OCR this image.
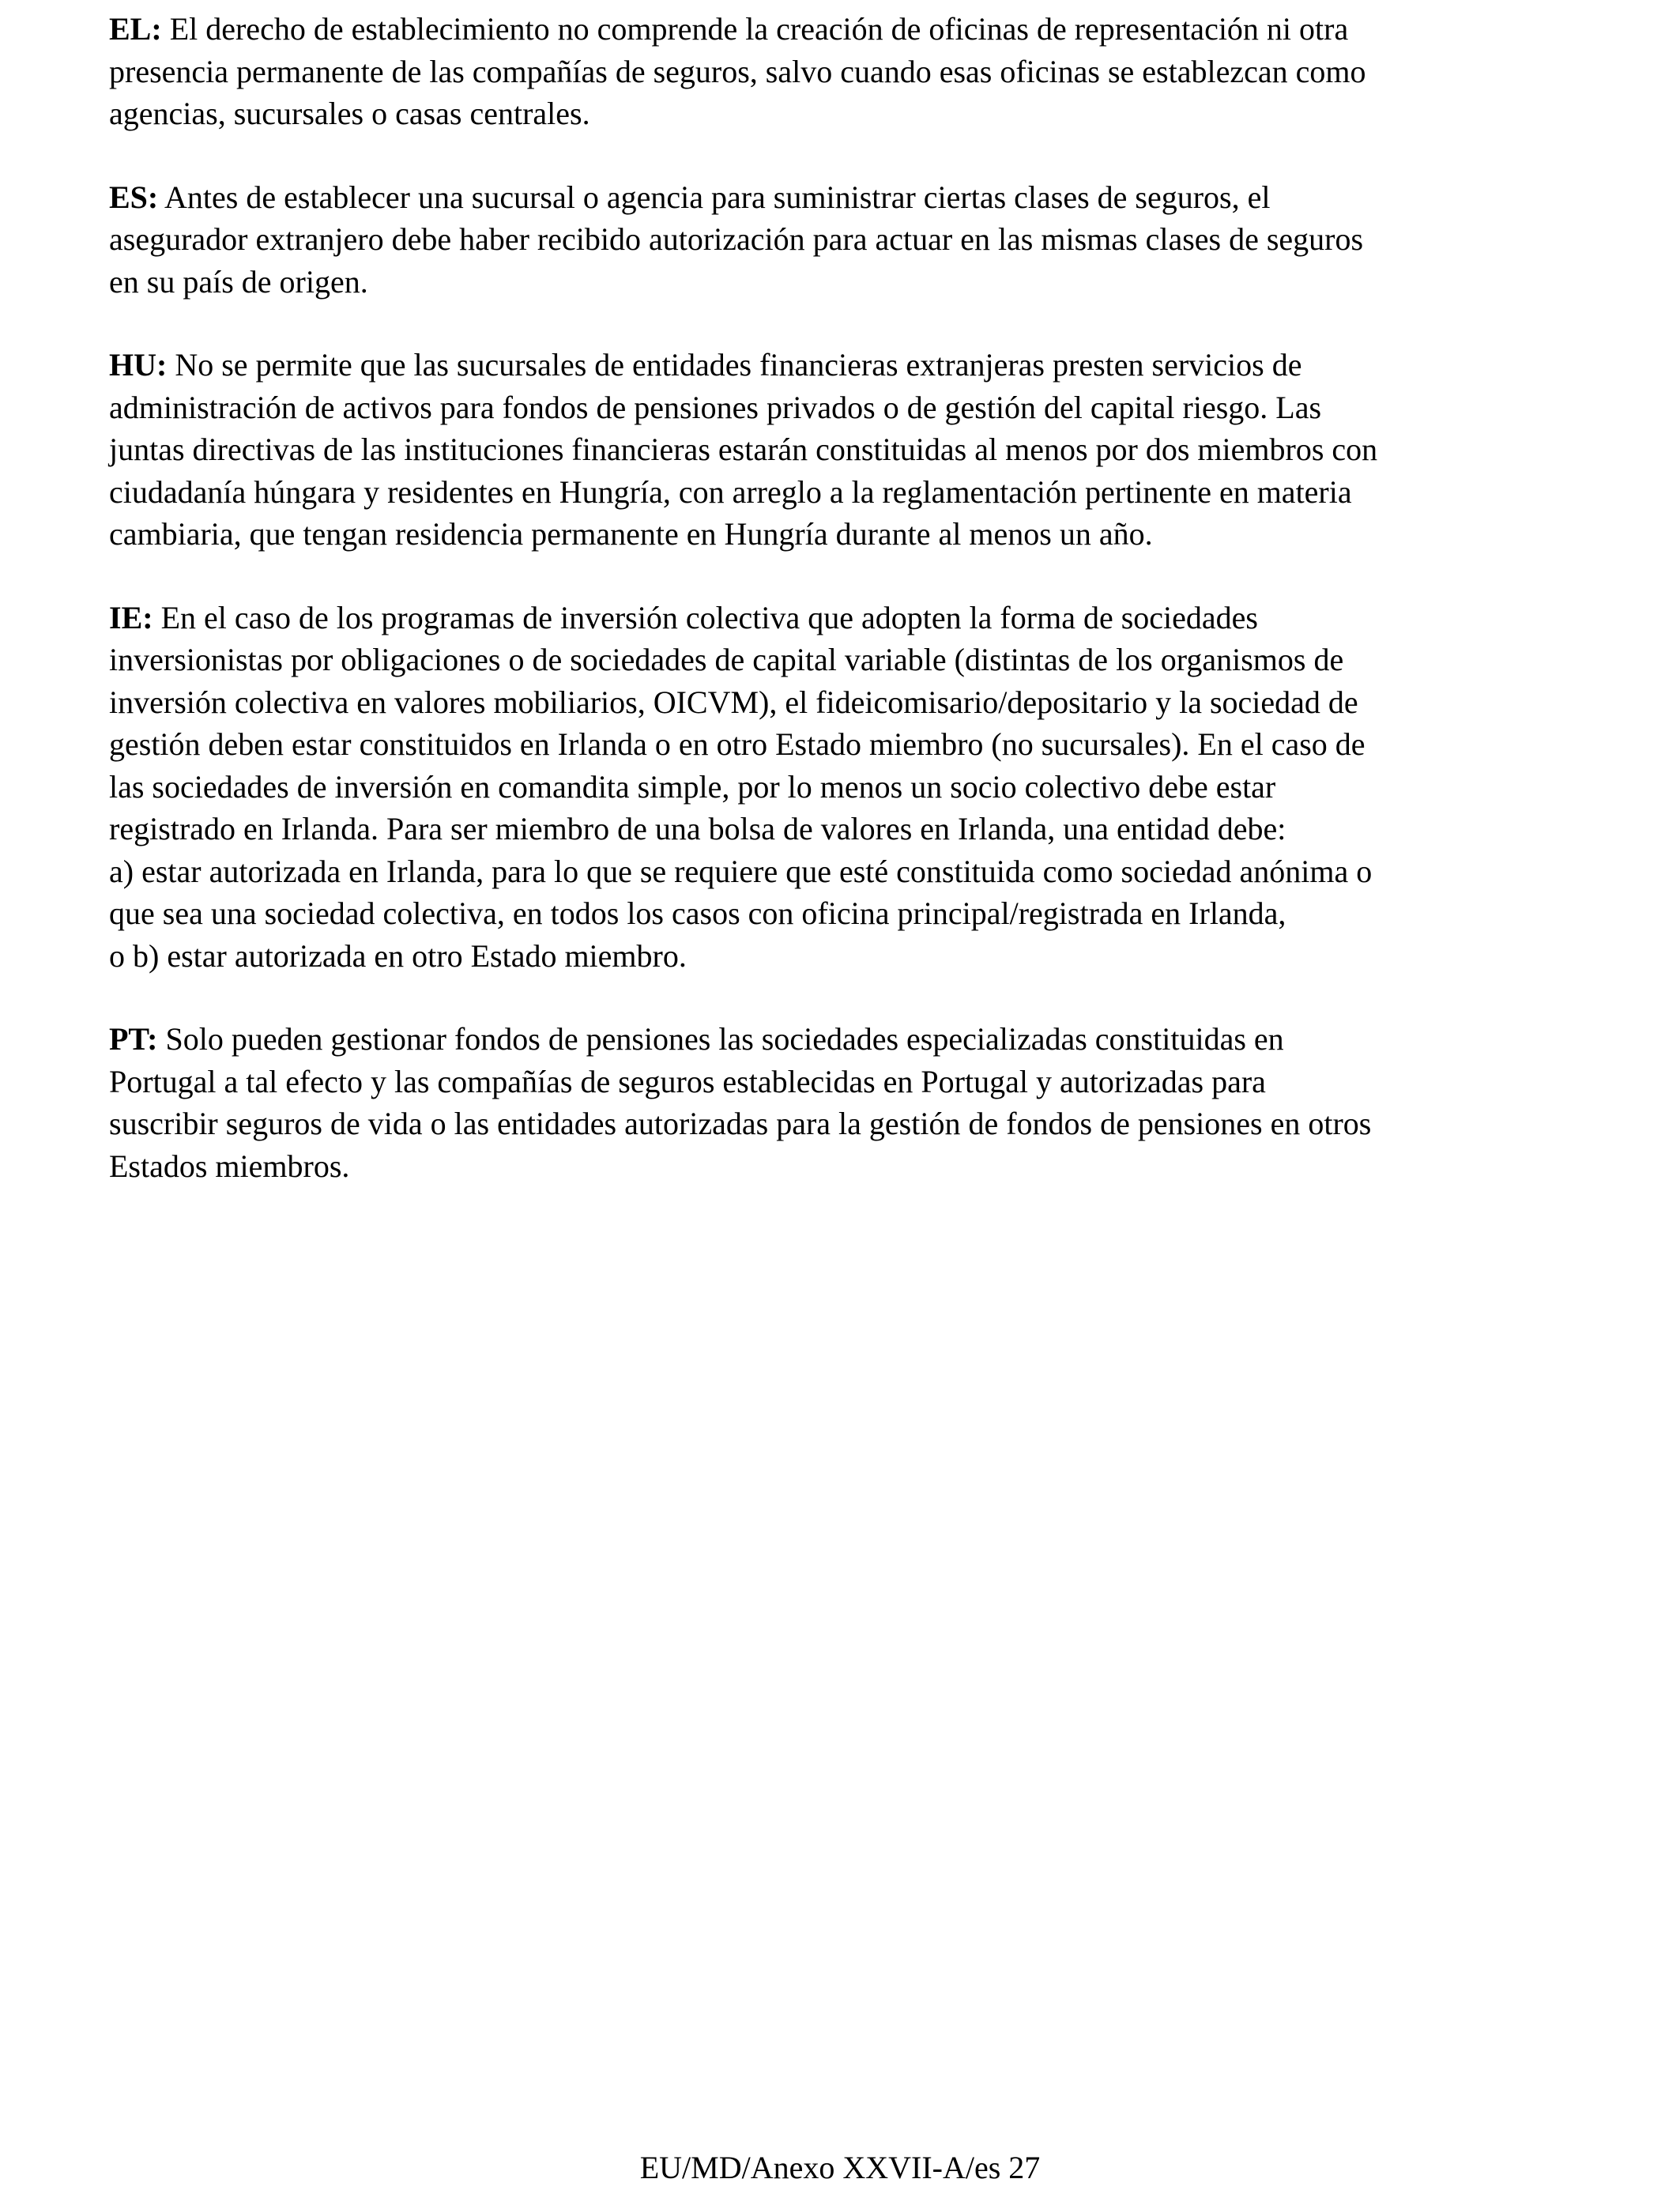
EL: El derecho de establecimiento no comprende la creación de oficinas de representación ni otra
presencia permanente de las compañías de seguros, salvo cuando esas oficinas se establezcan como
agencias, sucursales o casas centrales.

ES: Antes de establecer una sucursal o agencia para suministrar ciertas clases de seguros, el
asegurador extranjero debe haber recibido autorización para actuar en las mismas clases de seguros
en su país de origen.

HU: No se permite que las sucursales de entidades financieras extranjeras presten servicios de
administración de activos para fondos de pensiones privados o de gestión del capital riesgo. Las
juntas directivas de las instituciones financieras estarán constituidas al menos por dos miembros con
ciudadanía húngara y residentes en Hungría, con arreglo a la reglamentación pertinente en materia
cambiaria, que tengan residencia permanente en Hungría durante al menos un año.

IE: En el caso de los programas de inversión colectiva que adopten la forma de sociedades
inversionistas por obligaciones o de sociedades de capital variable (distintas de los organismos de
inversión colectiva en valores mobiliarios, OICVM), el fideicomisario/depositario y la sociedad de
gestión deben estar constituidos en Irlanda o en otro Estado miembro (no sucursales). En el caso de
las sociedades de inversión en comandita simple, por lo menos un socio colectivo debe estar
registrado en Irlanda. Para ser miembro de una bolsa de valores en Irlanda, una entidad debe:
a) estar autorizada en Irlanda, para lo que se requiere que esté constituida como sociedad anónima o
que sea una sociedad colectiva, en todos los casos con oficina principal/registrada en Irlanda,
o b) estar autorizada en otro Estado miembro.

PT: Solo pueden gestionar fondos de pensiones las sociedades especializadas constituidas en
Portugal a tal efecto y las compañías de seguros establecidas en Portugal y autorizadas para
suscribir seguros de vida o las entidades autorizadas para la gestión de fondos de pensiones en otros
Estados miembros.

EU/MD/Anexo XXVII-A/es 27
